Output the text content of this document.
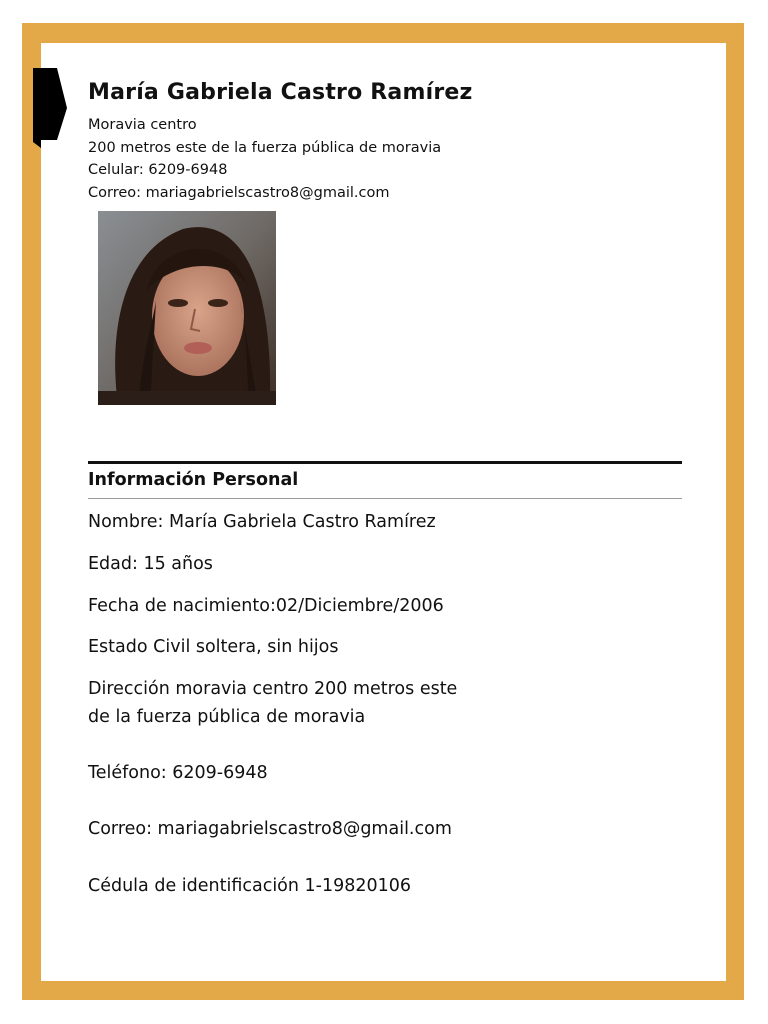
María Gabriela Castro Ramírez
Moravia centro
200 metros este de la fuerza pública de moravia
Celular: 6209-6948
Correo: mariagabrielscastro8@gmail.com
Información Personal
Nombre: María Gabriela Castro Ramírez
Edad: 15 años
Fecha de nacimiento:02/Diciembre/2006
Estado Civil soltera, sin hijos
Dirección moravia centro 200 metros este
de la fuerza pública de moravia
Teléfono: 6209-6948
Correo: mariagabrielscastro8@gmail.com
Cédula de identificación 1-19820106
